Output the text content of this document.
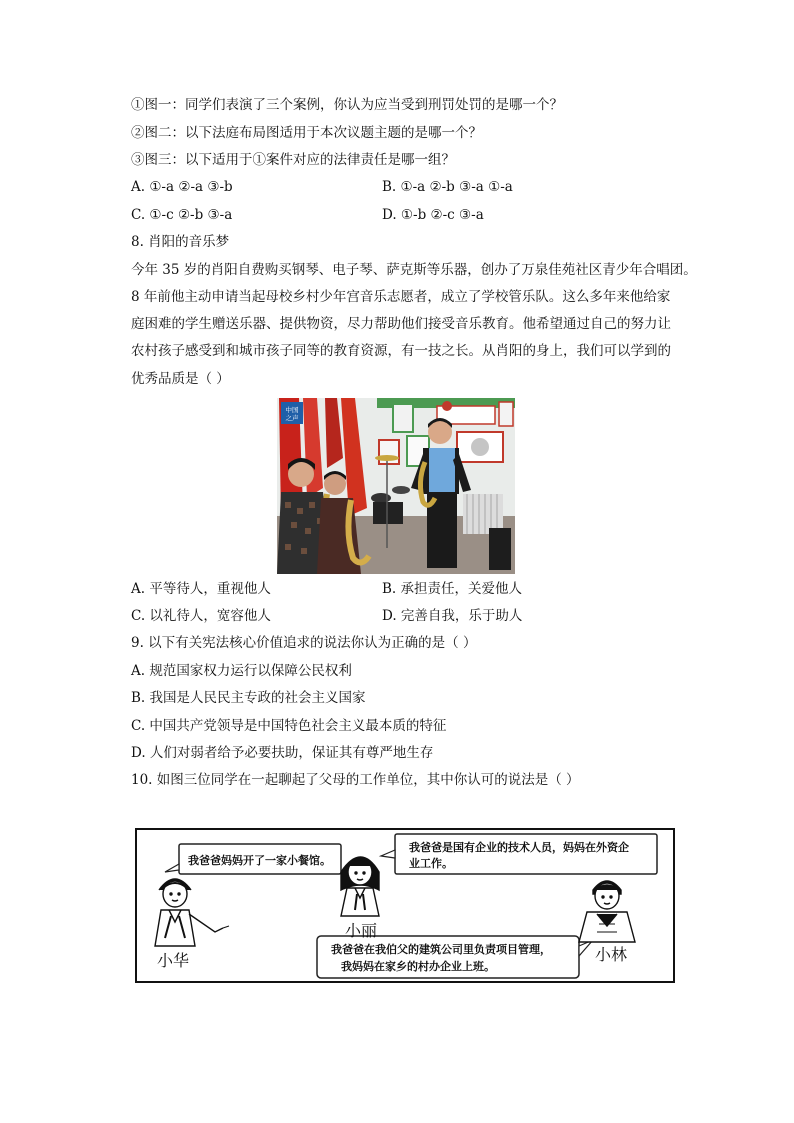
①图一：同学们表演了三个案例，你认为应当受到刑罚处罚的是哪一个？
②图二：以下法庭布局图适用于本次议题主题的是哪一个？
③图三：以下适用于①案件对应的法律责任是哪一组？
A. ①-a ②-a ③-b	B. ①-a ②-b ③-a ①-a
C. ①-c ②-b ③-a	D. ①-b ②-c ③-a
8. 肖阳的音乐梦
今年 35 岁的肖阳自费购买钢琴、电子琴、萨克斯等乐器，创办了万泉佳苑社区青少年合唱团。
8 年前他主动申请当起母校乡村少年宫音乐志愿者，成立了学校管乐队。这么多年来他给家
庭困难的学生赠送乐器、提供物资，尽力帮助他们接受音乐教育。他希望通过自己的努力让
农村孩子感受到和城市孩子同等的教育资源，有一技之长。从肖阳的身上，我们可以学到的
优秀品质是（ ）
中国
之声
A. 平等待人，重视他人	B. 承担责任，关爱他人
C. 以礼待人，宽容他人	D. 完善自我，乐于助人
9. 以下有关宪法核心价值追求的说法你认为正确的是（ ）
A. 规范国家权力运行以保障公民权利
B. 我国是人民民主专政的社会主义国家
C. 中国共产党领导是中国特色社会主义最本质的特征
D. 人们对弱者给予必要扶助，保证其有尊严地生存
10. 如图三位同学在一起聊起了父母的工作单位，其中你认可的说法是（ ）
我爸爸妈妈开了一家小餐馆。
我爸爸是国有企业的技术人员，妈妈在外资企
业工作。
我爸爸在我伯父的建筑公司里负责项目管理，
我妈妈在家乡的村办企业上班。
小华
小丽
小林
